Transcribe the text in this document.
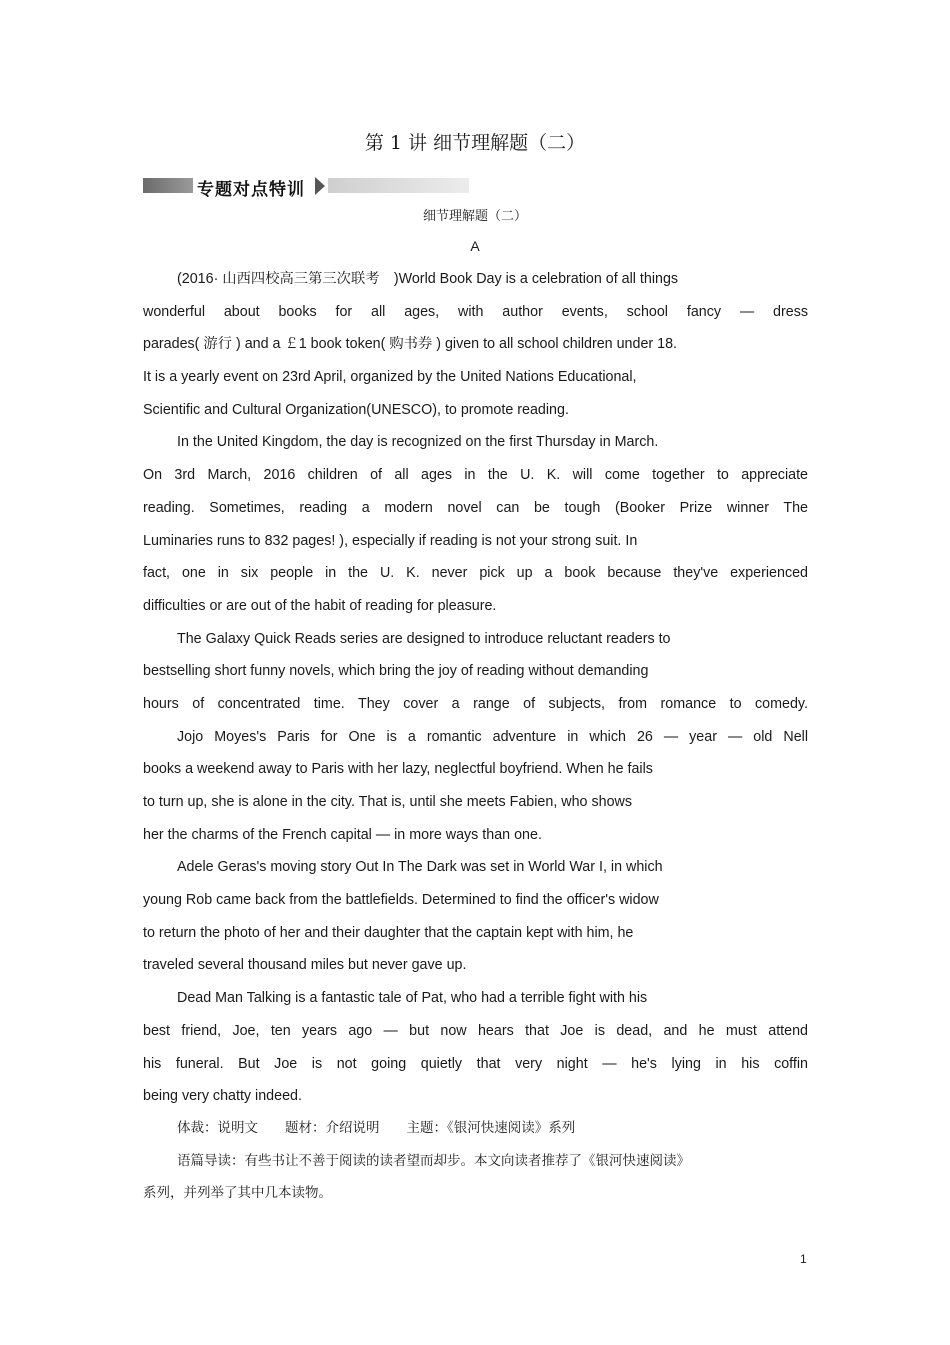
第 1 讲 细节理解题（二）
专题对点特训
细节理解题（二）
A
(2016· 山西四校高三第三次联考　)World Book Day is a celebration of all things
wonderful about books for all ages, with author events, school fancy — dress
parades( 游行 ) and a ￡1 book token( 购书券 ) given to all school children under 18.
It is a yearly event on 23rd April, organized by the United Nations Educational,
Scientific and Cultural Organization(UNESCO), to promote reading.
In the United Kingdom, the day is recognized on the first Thursday in March.
On 3rd March, 2016 children of all ages in the U. K. will come together to appreciate
reading. Sometimes, reading a modern novel can be tough (Booker Prize winner The
Luminaries runs to 832 pages! ), especially if reading is not your strong suit. In
fact, one in six people in the U. K. never pick up a book because they've experienced
difficulties or are out of the habit of reading for pleasure.
The Galaxy Quick Reads series are designed to introduce reluctant readers to
bestselling short funny novels, which bring the joy of reading without demanding
hours of concentrated time. They cover a range of subjects, from romance to comedy.
Jojo Moyes's Paris for One is a romantic adventure in which 26 — year — old Nell
books a weekend away to Paris with her lazy, neglectful boyfriend. When he fails
to turn up, she is alone in the city. That is, until she meets Fabien, who shows
her the charms of the French capital — in more ways than one.
Adele Geras's moving story Out In The Dark was set in World War I, in which
young Rob came back from the battlefields. Determined to find the officer's widow
to return the photo of her and their daughter that the captain kept with him, he
traveled several thousand miles but never gave up.
Dead Man Talking is a fantastic tale of Pat, who had a terrible fight with his
best friend, Joe, ten years ago — but now hears that Joe is dead, and he must attend
his funeral. But Joe is not going quietly that very night — he's lying in his coffin
being very chatty indeed.
体裁：说明文　　题材：介绍说明　　主题：《银河快速阅读》系列
语篇导读：有些书让不善于阅读的读者望而却步。本文向读者推荐了《银河快速阅读》
系列，并列举了其中几本读物。
1
